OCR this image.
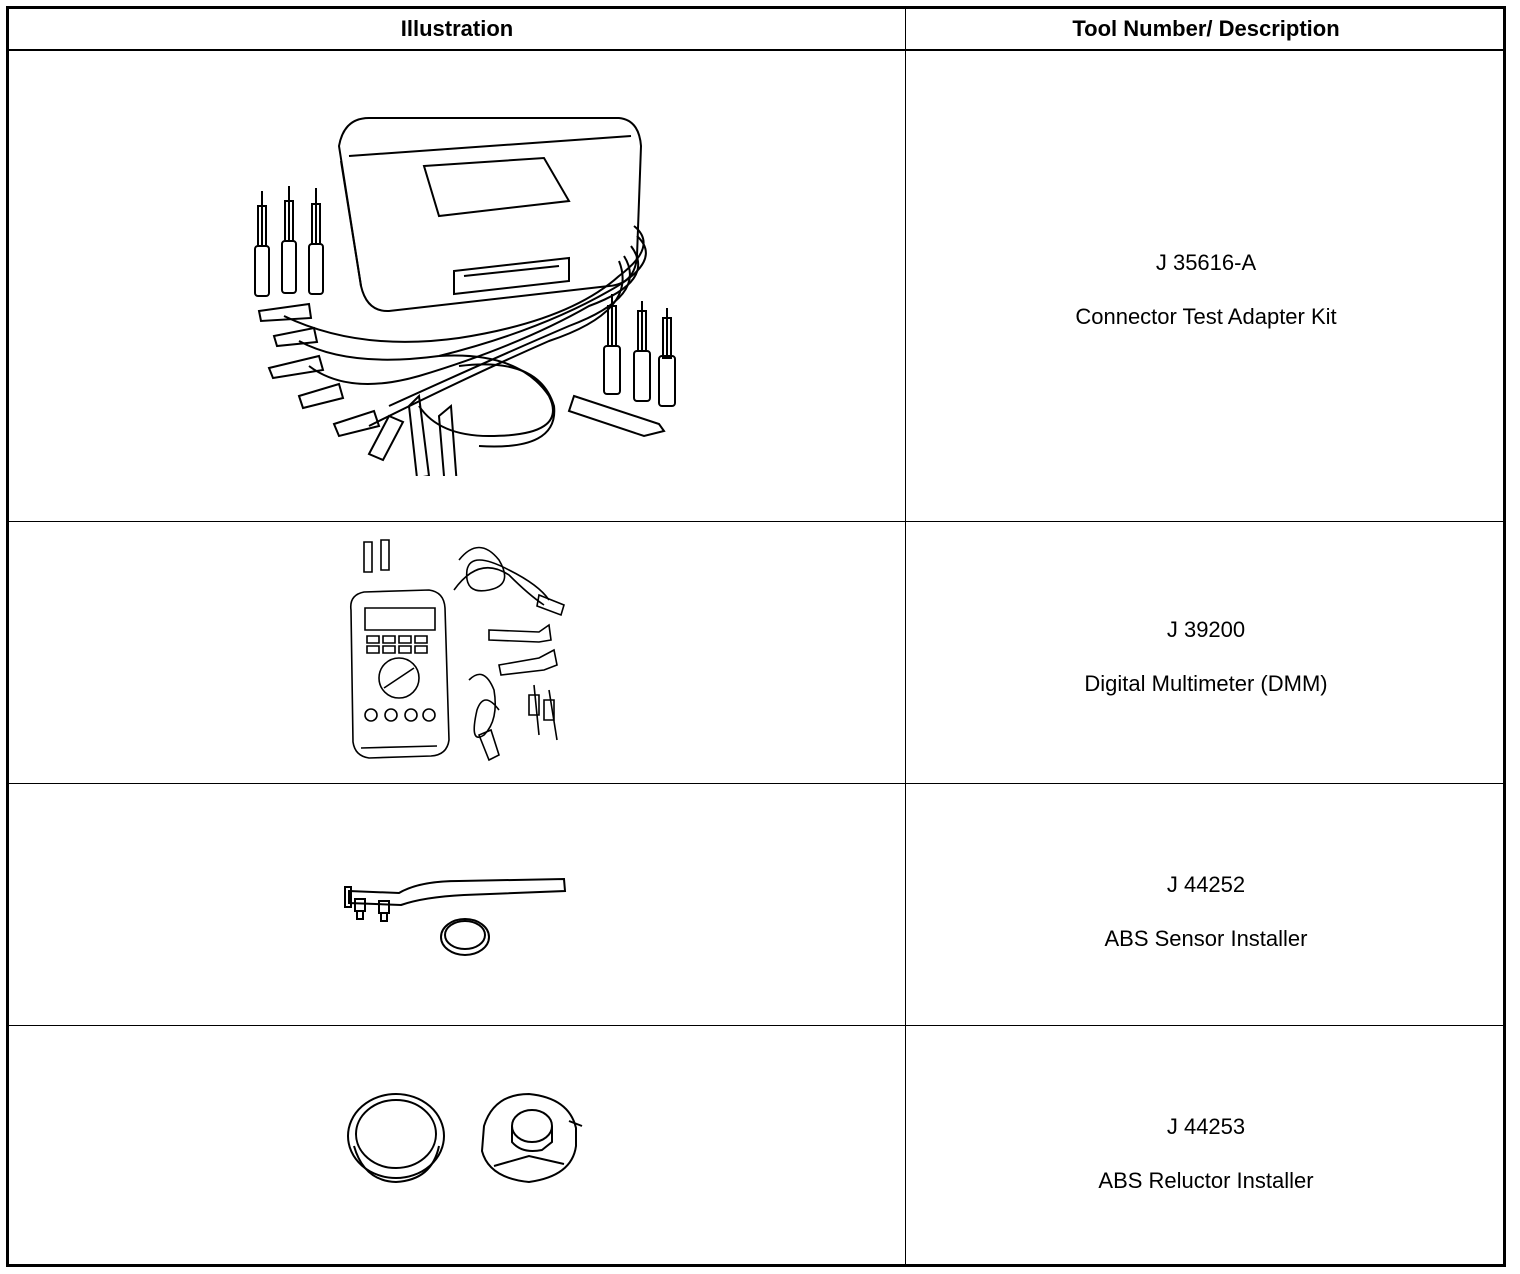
Illustration	Tool Number/ Description
J 35616-A
Connector Test Adapter Kit
J 39200
Digital Multimeter (DMM)
J 44252
ABS Sensor Installer
J 44253
ABS Reluctor Installer
